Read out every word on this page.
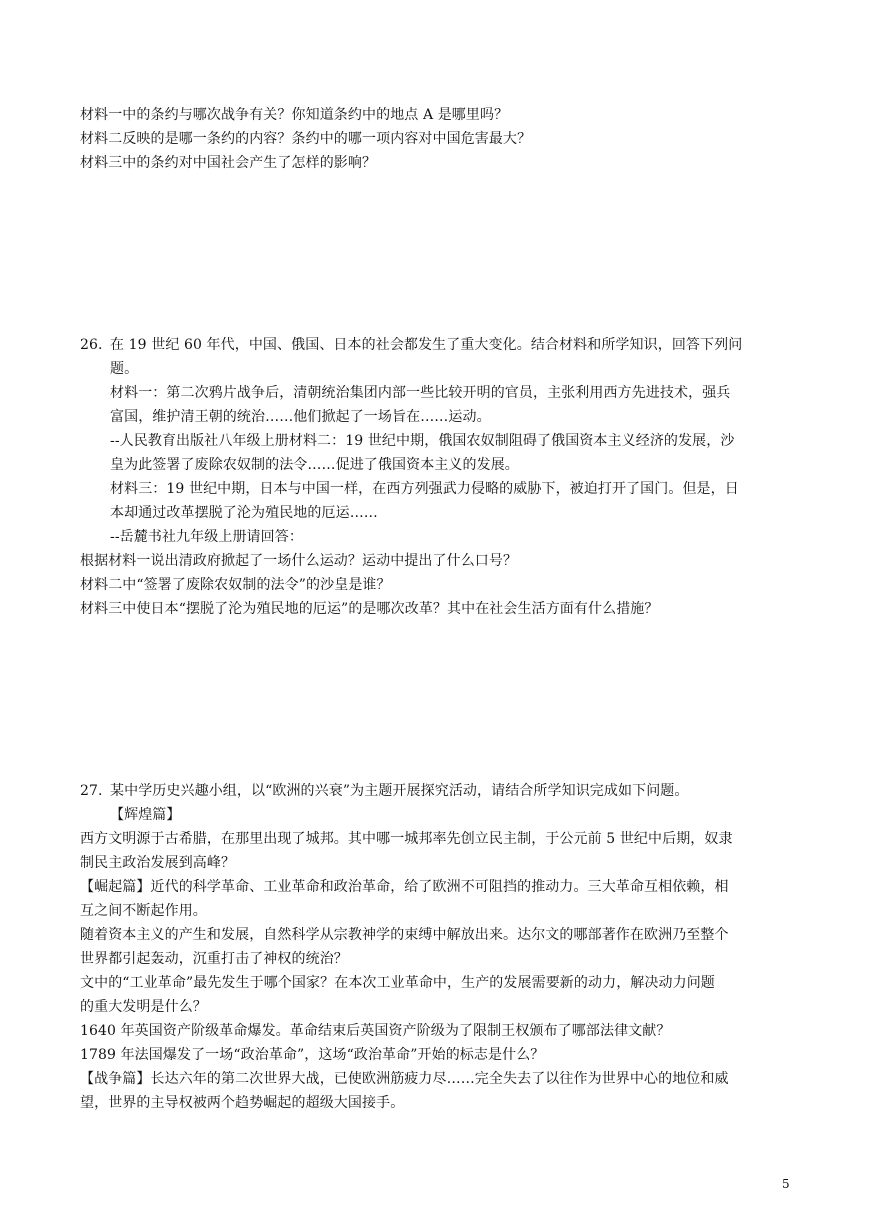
材料一中的条约与哪次战争有关？你知道条约中的地点 A 是哪里吗？
材料二反映的是哪一条约的内容？条约中的哪一项内容对中国危害最大？
材料三中的条约对中国社会产生了怎样的影响？
26. 在 19 世纪 60 年代，中国、俄国、日本的社会都发生了重大变化。结合材料和所学知识，回答下列问
题。
材料一：第二次鸦片战争后，清朝统治集团内部一些比较开明的官员，主张利用西方先进技术，强兵
富国，维护清王朝的统治……他们掀起了一场旨在……运动。
--人民教育出版社八年级上册材料二：19 世纪中期，俄国农奴制阻碍了俄国资本主义经济的发展，沙
皇为此签署了废除农奴制的法令……促进了俄国资本主义的发展。
材料三：19 世纪中期，日本与中国一样，在西方列强武力侵略的威胁下，被迫打开了国门。但是，日
本却通过改革摆脱了沦为殖民地的厄运……
--岳麓书社九年级上册请回答：
根据材料一说出清政府掀起了一场什么运动？运动中提出了什么口号？
材料二中“签署了废除农奴制的法令”的沙皇是谁？
材料三中使日本“摆脱了沦为殖民地的厄运”的是哪次改革？其中在社会生活方面有什么措施？
27. 某中学历史兴趣小组，以“欧洲的兴衰”为主题开展探究活动，请结合所学知识完成如下问题。
【辉煌篇】
西方文明源于古希腊，在那里出现了城邦。其中哪一城邦率先创立民主制，于公元前 5 世纪中后期，奴隶
制民主政治发展到高峰？
【崛起篇】近代的科学革命、工业革命和政治革命，给了欧洲不可阻挡的推动力。三大革命互相依赖，相
互之间不断起作用。
随着资本主义的产生和发展，自然科学从宗教神学的束缚中解放出来。达尔文的哪部著作在欧洲乃至整个
世界都引起轰动，沉重打击了神权的统治？
文中的“工业革命”最先发生于哪个国家？在本次工业革命中，生产的发展需要新的动力，解决动力问题
的重大发明是什么？
1640 年英国资产阶级革命爆发。革命结束后英国资产阶级为了限制王权颁布了哪部法律文献？
1789 年法国爆发了一场“政治革命”，这场“政治革命”开始的标志是什么？
【战争篇】长达六年的第二次世界大战，已使欧洲筋疲力尽……完全失去了以往作为世界中心的地位和威
望，世界的主导权被两个趋势崛起的超级大国接手。
5
